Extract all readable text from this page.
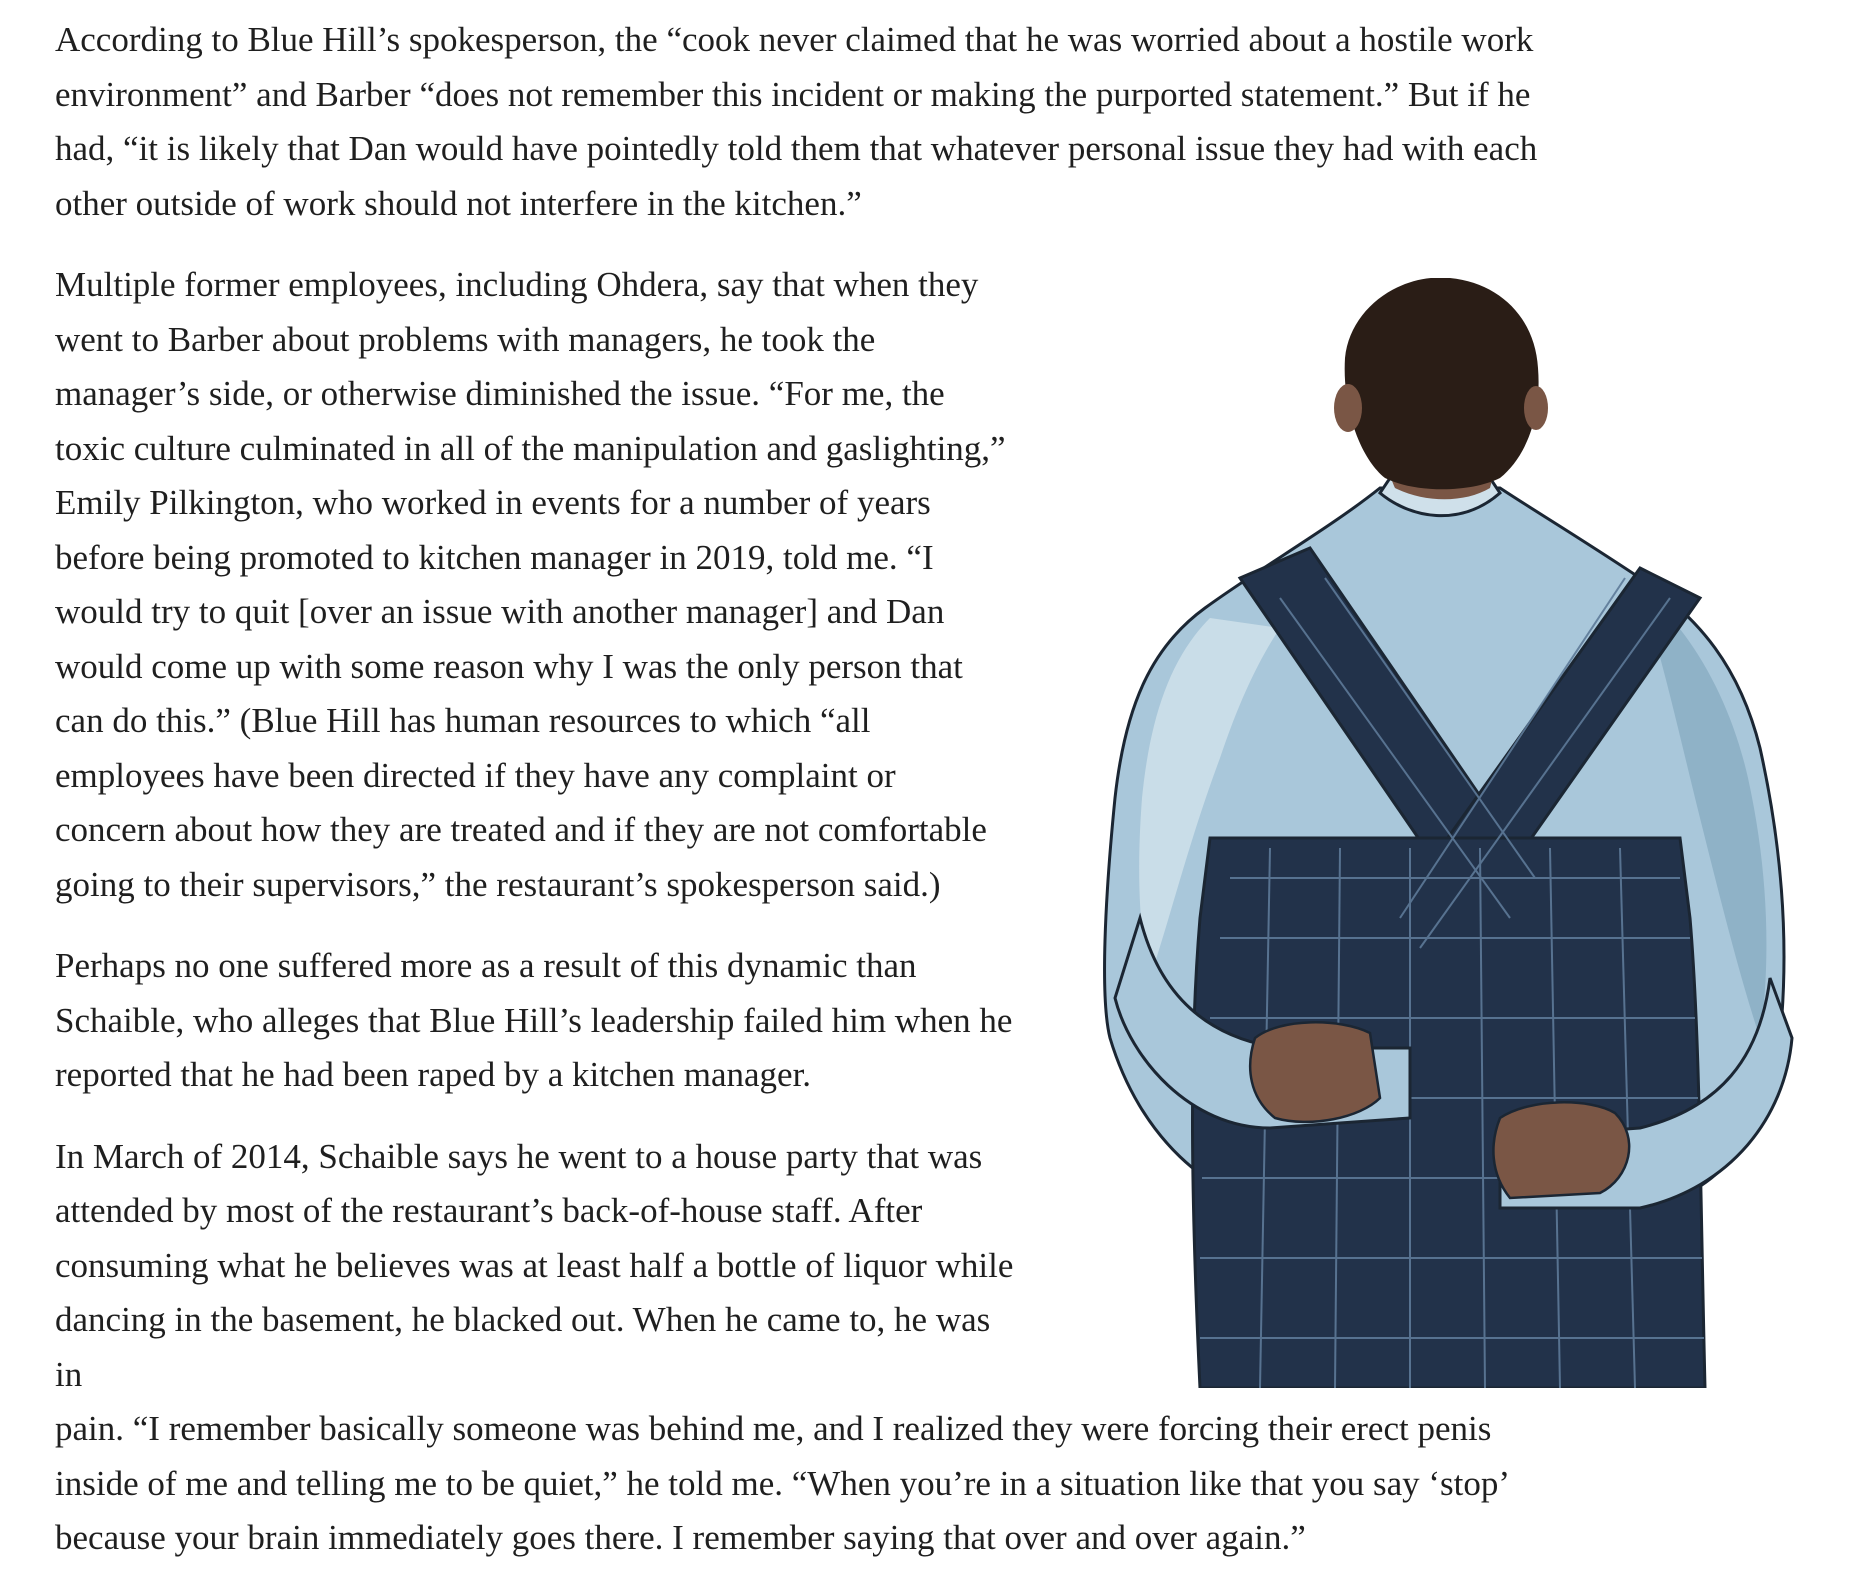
According to Blue Hill’s spokesperson, the “cook never claimed that he was worried about a hostile work environment” and Barber “does not remember this incident or making the purported statement.” But if he had, “it is likely that Dan would have pointedly told them that whatever personal issue they had with each other outside of work should not interfere in the kitchen.”

Multiple former employees, including Ohdera, say that when they went to Barber about problems with managers, he took the manager’s side, or otherwise diminished the issue. “For me, the toxic culture culminated in all of the manipulation and gaslighting,” Emily Pilkington, who worked in events for a number of years before being promoted to kitchen manager in 2019, told me. “I would try to quit [over an issue with another manager] and Dan would come up with some reason why I was the only person that can do this.” (Blue Hill has human resources to which “all employees have been directed if they have any complaint or concern about how they are treated and if they are not comfortable going to their supervisors,” the restaurant’s spokesperson said.)

Perhaps no one suffered more as a result of this dynamic than Schaible, who alleges that Blue Hill’s leadership failed him when he reported that he had been raped by a kitchen manager.

In March of 2014, Schaible says he went to a house party that was attended by most of the restaurant’s back-of-house staff. After consuming what he believes was at least half a bottle of liquor while dancing in the basement, he blacked out. When he came to, he was in

pain. “I remember basically someone was behind me, and I realized they were forcing their erect penis inside of me and telling me to be quiet,” he told me. “When you’re in a situation like that you say ‘stop’ because your brain immediately goes there. I remember saying that over and over again.”
